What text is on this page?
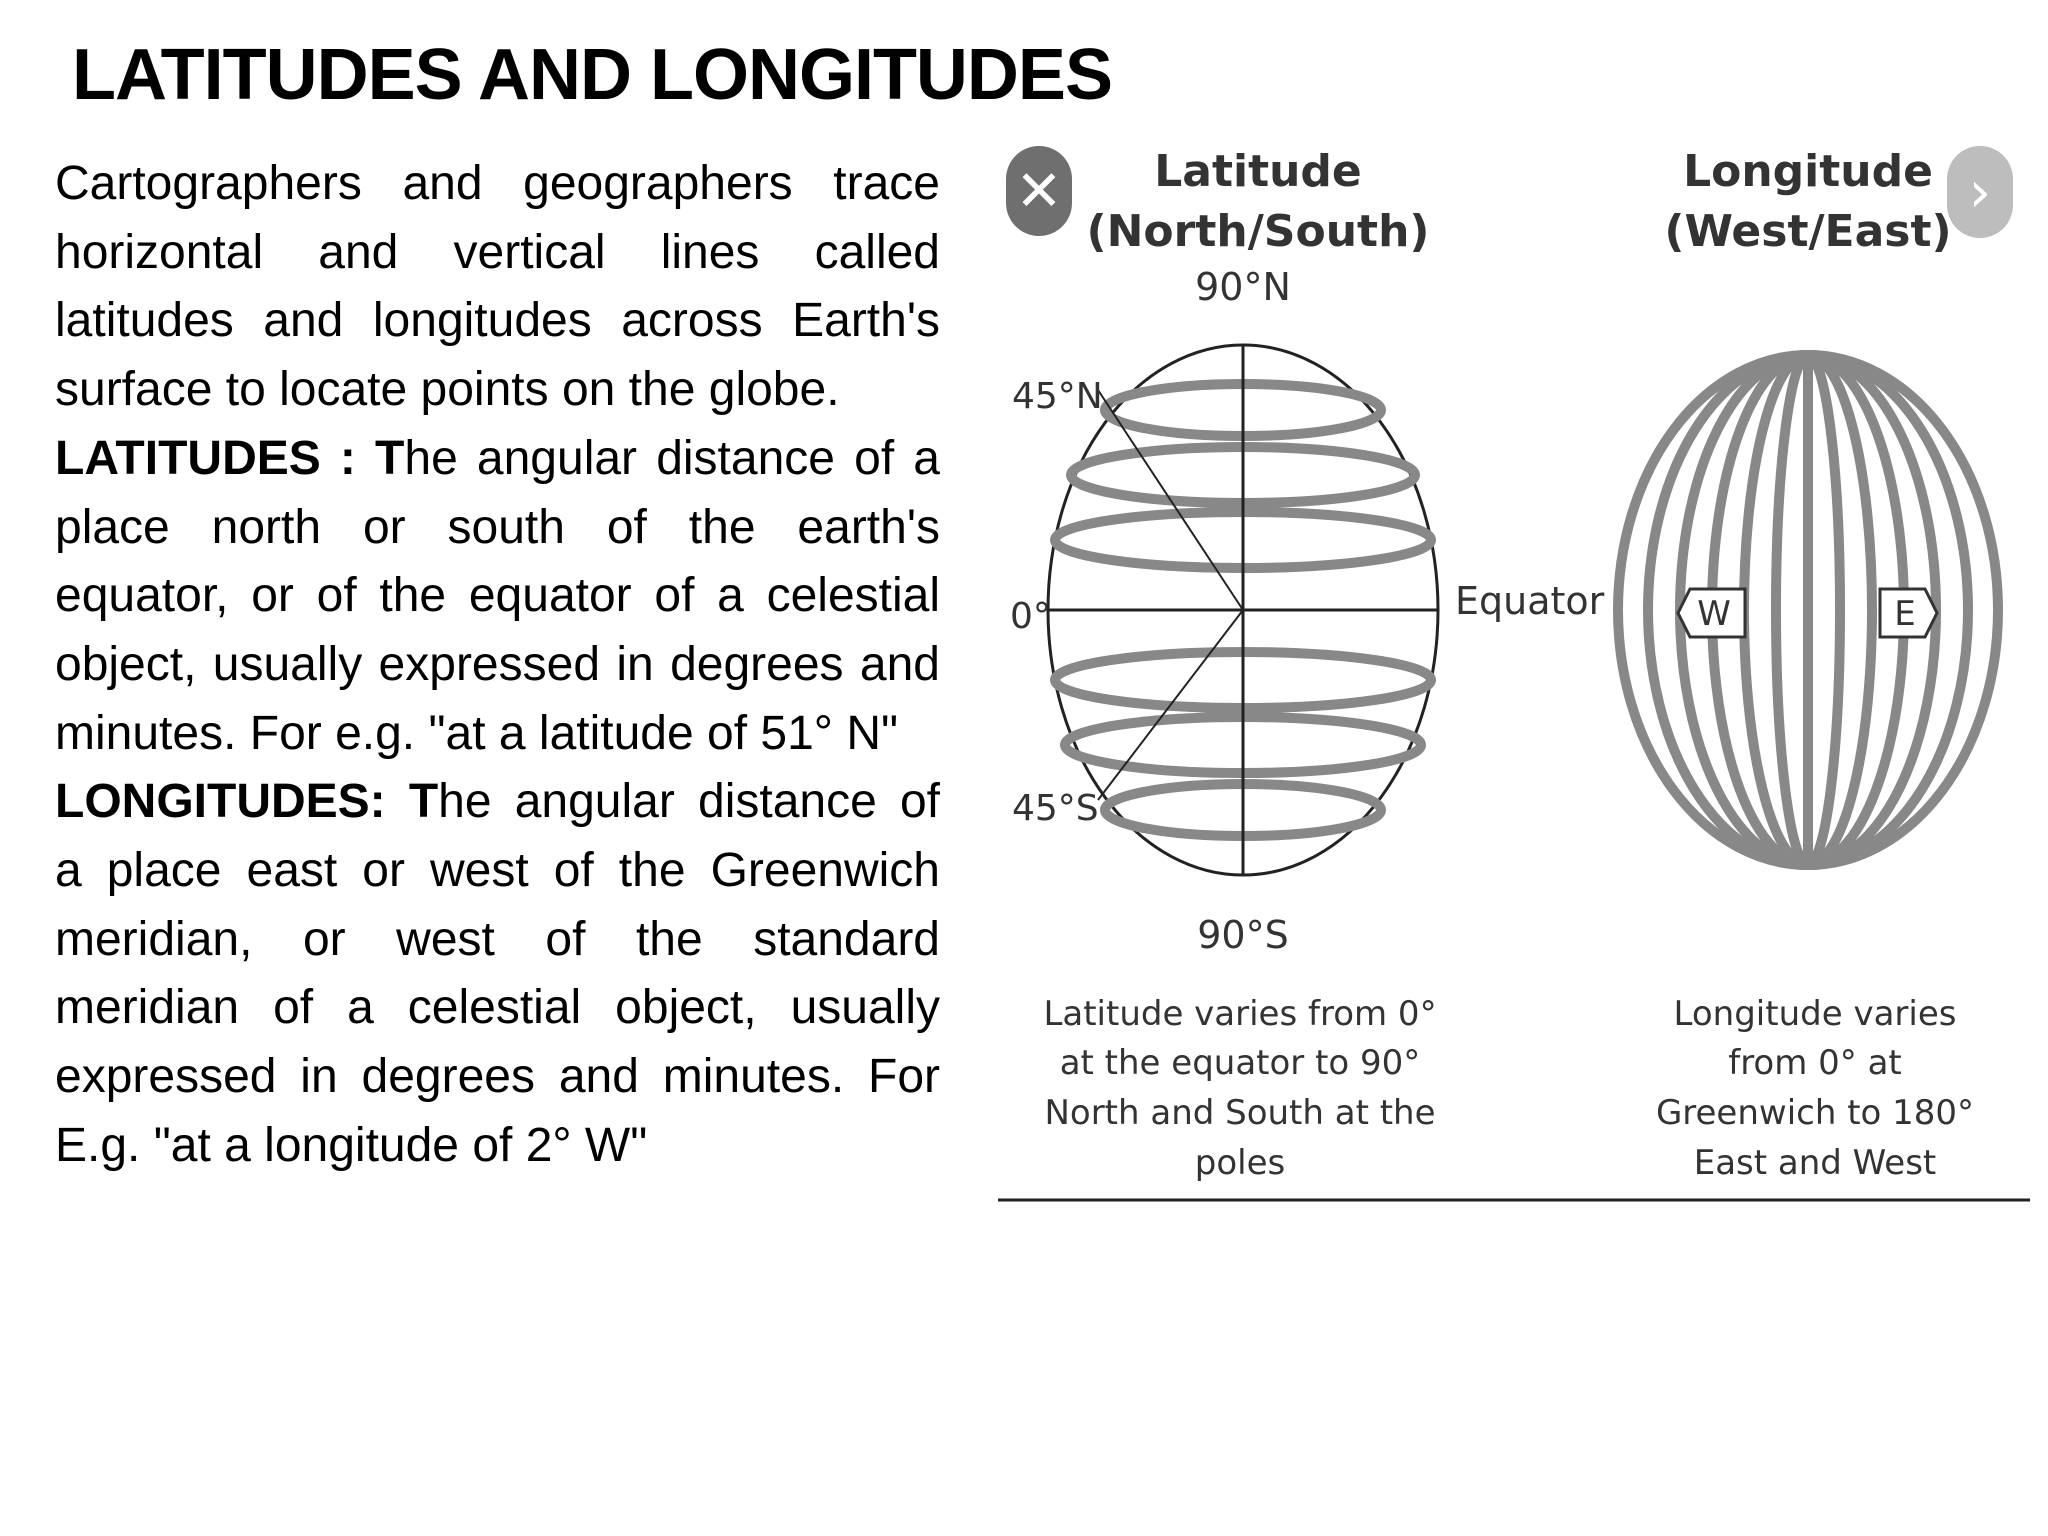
LATITUDES AND LONGITUDES

Cartographers and geographers trace horizontal and vertical lines called latitudes and longitudes across Earth's surface to locate points on the globe.

LATITUDES : The angular distance of a place north or south of the earth's equator, or of the equator of a celestial object, usually expressed in degrees and minutes. For e.g. "at a latitude of 51° N"

LONGITUDES: The angular distance of a place east or west of the Greenwich meridian, or west of the standard meridian of a celestial object, usually expressed in degrees and minutes. For E.g. "at a longitude of 2° W"

Latitude
(North/South)
Longitude
(West/East)
90°N
45°N
0°
45°S
90°S
Equator	W	E
Latitude varies from 0°
at the equator to 90°
North and South at the
poles
Longitude varies
from 0° at
Greenwich to 180°
East and West
✕	›
